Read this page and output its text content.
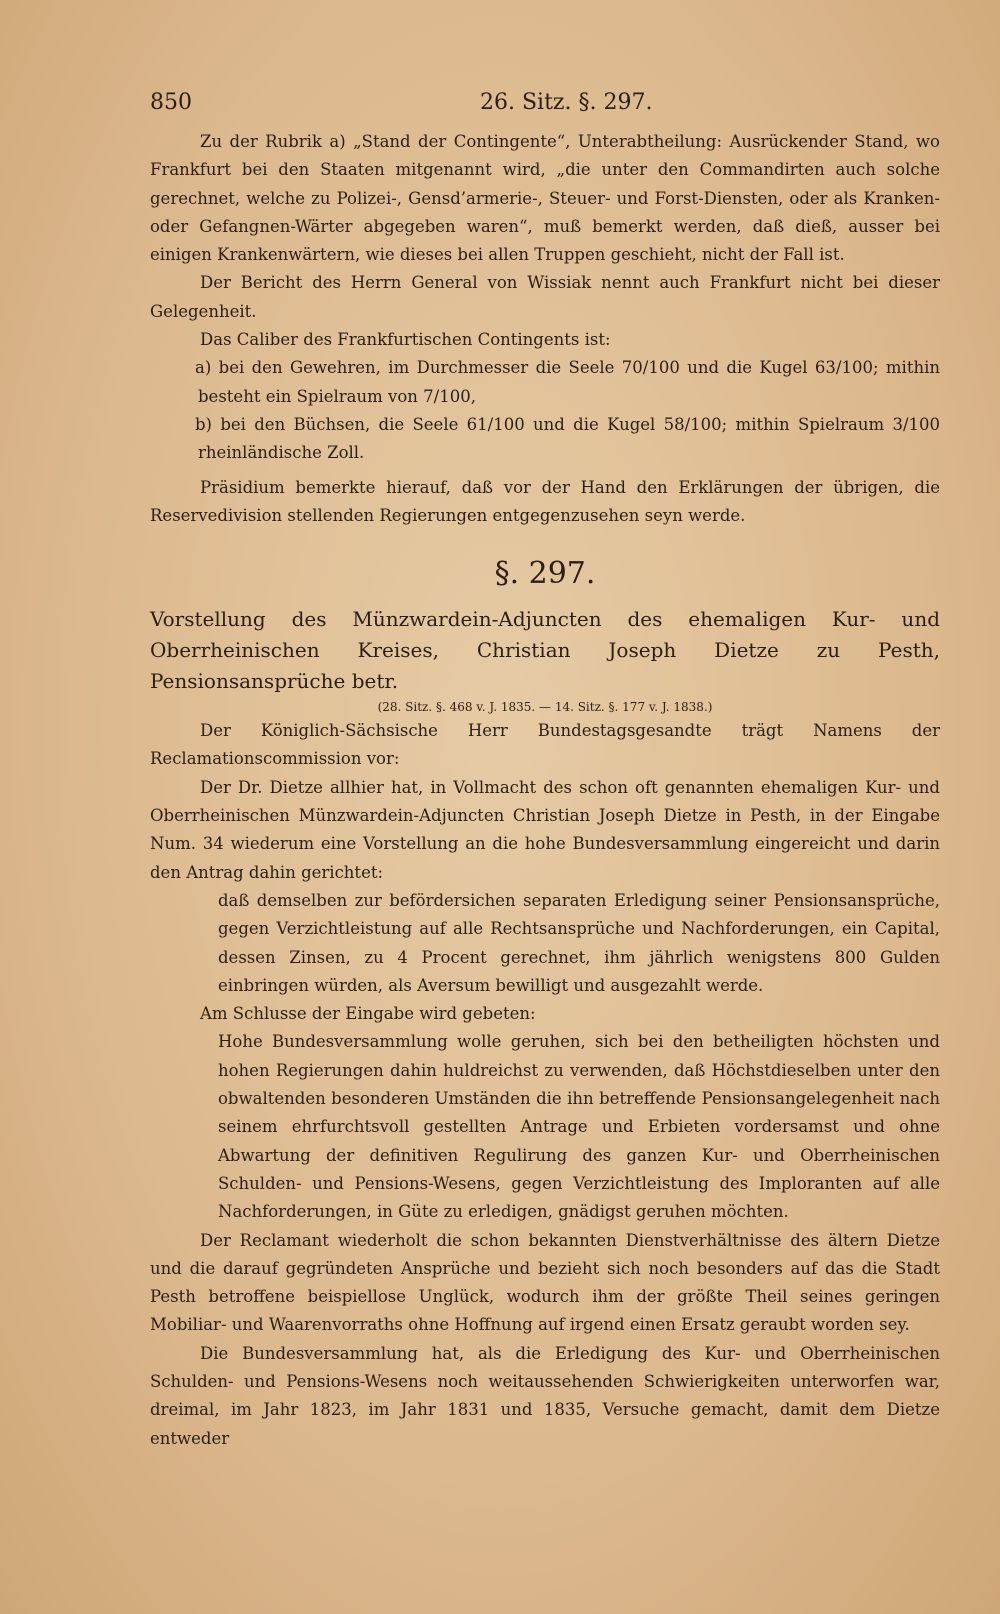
850	26. Sitz. §. 297.

Zu der Rubrik a) „Stand der Contingente“, Unterabtheilung: Ausrückender Stand, wo Frankfurt bei den Staaten mitgenannt wird, „die unter den Commandirten auch solche gerechnet, welche zu Polizei-, Gensd’armerie-, Steuer- und Forst-Diensten, oder als Kranken- oder Gefangnen-Wärter abgegeben waren“, muß bemerkt werden, daß dieß, ausser bei einigen Krankenwärtern, wie dieses bei allen Truppen geschieht, nicht der Fall ist.

Der Bericht des Herrn General von Wissiak nennt auch Frankfurt nicht bei dieser Gelegenheit.

Das Caliber des Frankfurtischen Contingents ist:

a) bei den Gewehren, im Durchmesser die Seele 70/100 und die Kugel 63/100; mithin besteht ein Spielraum von 7/100,

b) bei den Büchsen, die Seele 61/100 und die Kugel 58/100; mithin Spielraum 3/100 rheinländische Zoll.

Präsidium bemerkte hierauf, daß vor der Hand den Erklärungen der übrigen, die Reservedivision stellenden Regierungen entgegenzusehen seyn werde.

§. 297.

Vorstellung des Münzwardein-Adjuncten des ehemaligen Kur- und Oberrheinischen Kreises, Christian Joseph Dietze zu Pesth, Pensionsansprüche betr.

(28. Sitz. §. 468 v. J. 1835. — 14. Sitz. §. 177 v. J. 1838.)

Der Königlich-Sächsische Herr Bundestagsgesandte trägt Namens der Reclamationscommission vor:

Der Dr. Dietze allhier hat, in Vollmacht des schon oft genannten ehemaligen Kur- und Oberrheinischen Münzwardein-Adjuncten Christian Joseph Dietze in Pesth, in der Eingabe Num. 34 wiederum eine Vorstellung an die hohe Bundesversammlung eingereicht und darin den Antrag dahin gerichtet:

daß demselben zur befördersichen separaten Erledigung seiner Pensionsansprüche, gegen Verzichtleistung auf alle Rechtsansprüche und Nachforderungen, ein Capital, dessen Zinsen, zu 4 Procent gerechnet, ihm jährlich wenigstens 800 Gulden einbringen würden, als Aversum bewilligt und ausgezahlt werde.

Am Schlusse der Eingabe wird gebeten:

Hohe Bundesversammlung wolle geruhen, sich bei den betheiligten höchsten und hohen Regierungen dahin huldreichst zu verwenden, daß Höchstdieselben unter den obwaltenden besonderen Umständen die ihn betreffende Pensionsangelegenheit nach seinem ehrfurchtsvoll gestellten Antrage und Erbieten vordersamst und ohne Abwartung der definitiven Regulirung des ganzen Kur- und Oberrheinischen Schulden- und Pensions-Wesens, gegen Verzichtleistung des Imploranten auf alle Nachforderungen, in Güte zu erledigen, gnädigst geruhen möchten.

Der Reclamant wiederholt die schon bekannten Dienstverhältnisse des ältern Dietze und die darauf gegründeten Ansprüche und bezieht sich noch besonders auf das die Stadt Pesth betroffene beispiellose Unglück, wodurch ihm der größte Theil seines geringen Mobiliar- und Waarenvorraths ohne Hoffnung auf irgend einen Ersatz geraubt worden sey.

Die Bundesversammlung hat, als die Erledigung des Kur- und Oberrheinischen Schulden- und Pensions-Wesens noch weitaussehenden Schwierigkeiten unterworfen war, dreimal, im Jahr 1823, im Jahr 1831 und 1835, Versuche gemacht, damit dem Dietze entweder
